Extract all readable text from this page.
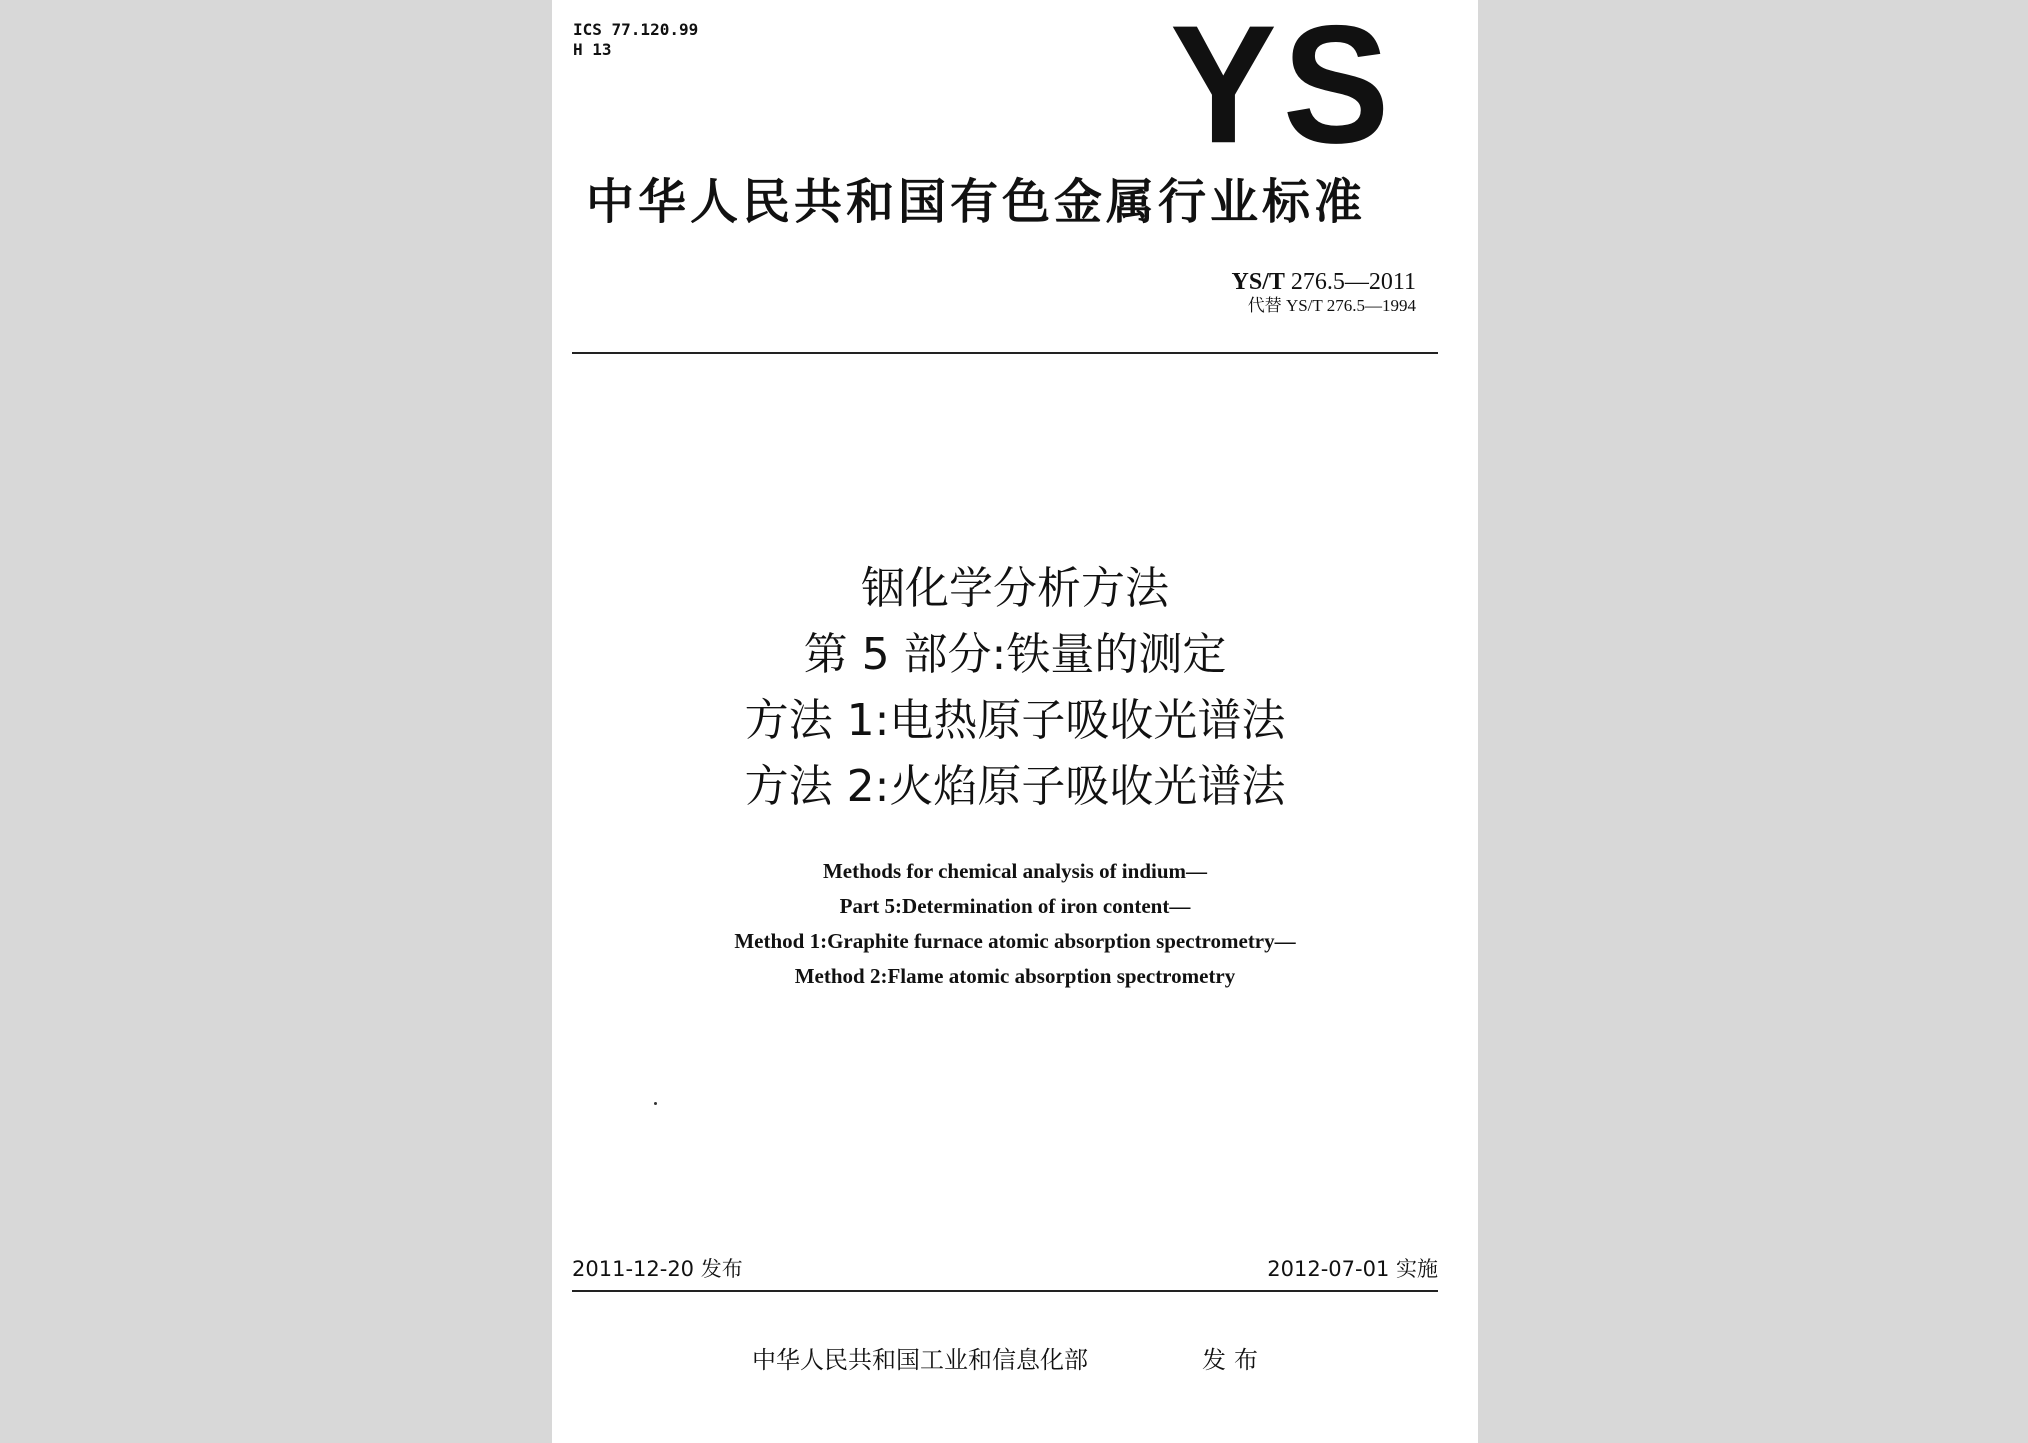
ICS 77.120.99
H 13	YS
中华人民共和国有色金属行业标准
YS/T 276.5—2011
代替 YS/T 276.5—1994
铟化学分析方法
第 5 部分:铁量的测定
方法 1:电热原子吸收光谱法
方法 2:火焰原子吸收光谱法
Methods for chemical analysis of indium—
Part 5:Determination of iron content—
Method 1:Graphite furnace atomic absorption spectrometry—
Method 2:Flame atomic absorption spectrometry
2011-12-20 发布	2012-07-01 实施
中华人民共和国工业和信息化部	发布
